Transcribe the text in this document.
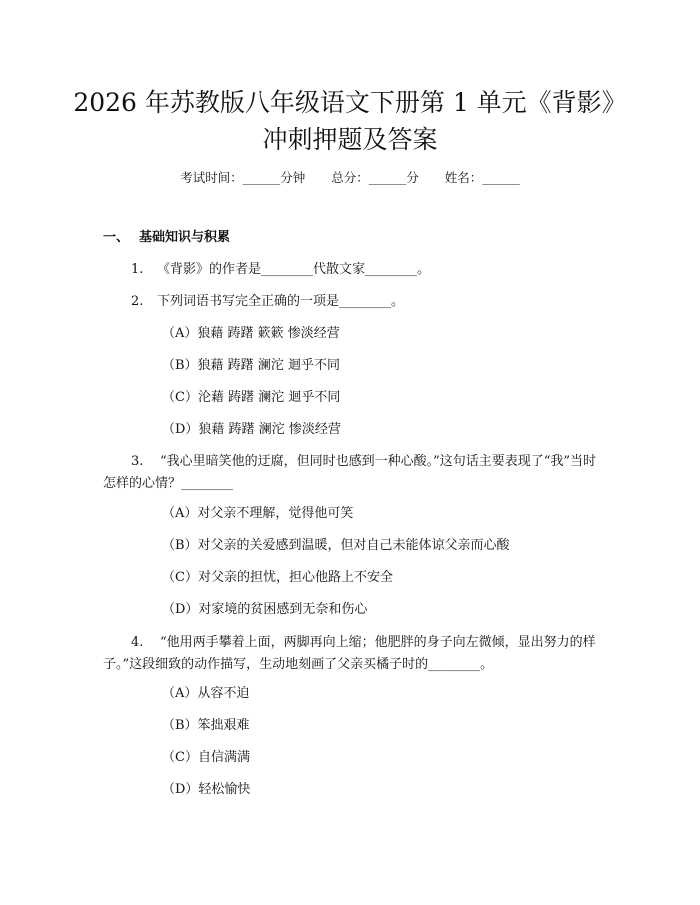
2026 年苏教版八年级语文下册第 1 单元《背影》冲刺押题及答案
考试时间：______分钟 总分：______分 姓名：______
一、 基础知识与积累
1. 《背影》的作者是________代散文家________。
2. 下列词语书写完全正确的一项是________。
（A）狼藉 踌躇 簌簌 惨淡经营
（B）狼藉 踌躇 澜沱 迴乎不同
（C）沦藉 踌躇 澜沱 迴乎不同
（D）狼藉 踌躇 澜沱 惨淡经营
3. “我心里暗笑他的迂腐，但同时也感到一种心酸。”这句话主要表现了“我”当时怎样的心情？________
（A）对父亲不理解，觉得他可笑
（B）对父亲的关爱感到温暖，但对自己未能体谅父亲而心酸
（C）对父亲的担忧，担心他路上不安全
（D）对家境的贫困感到无奈和伤心
4. “他用两手攀着上面，两脚再向上缩；他肥胖的身子向左微倾，显出努力的样子。”这段细致的动作描写，生动地刻画了父亲买橘子时的________。
（A）从容不迫
（B）笨拙艰难
（C）自信满满
（D）轻松愉快
